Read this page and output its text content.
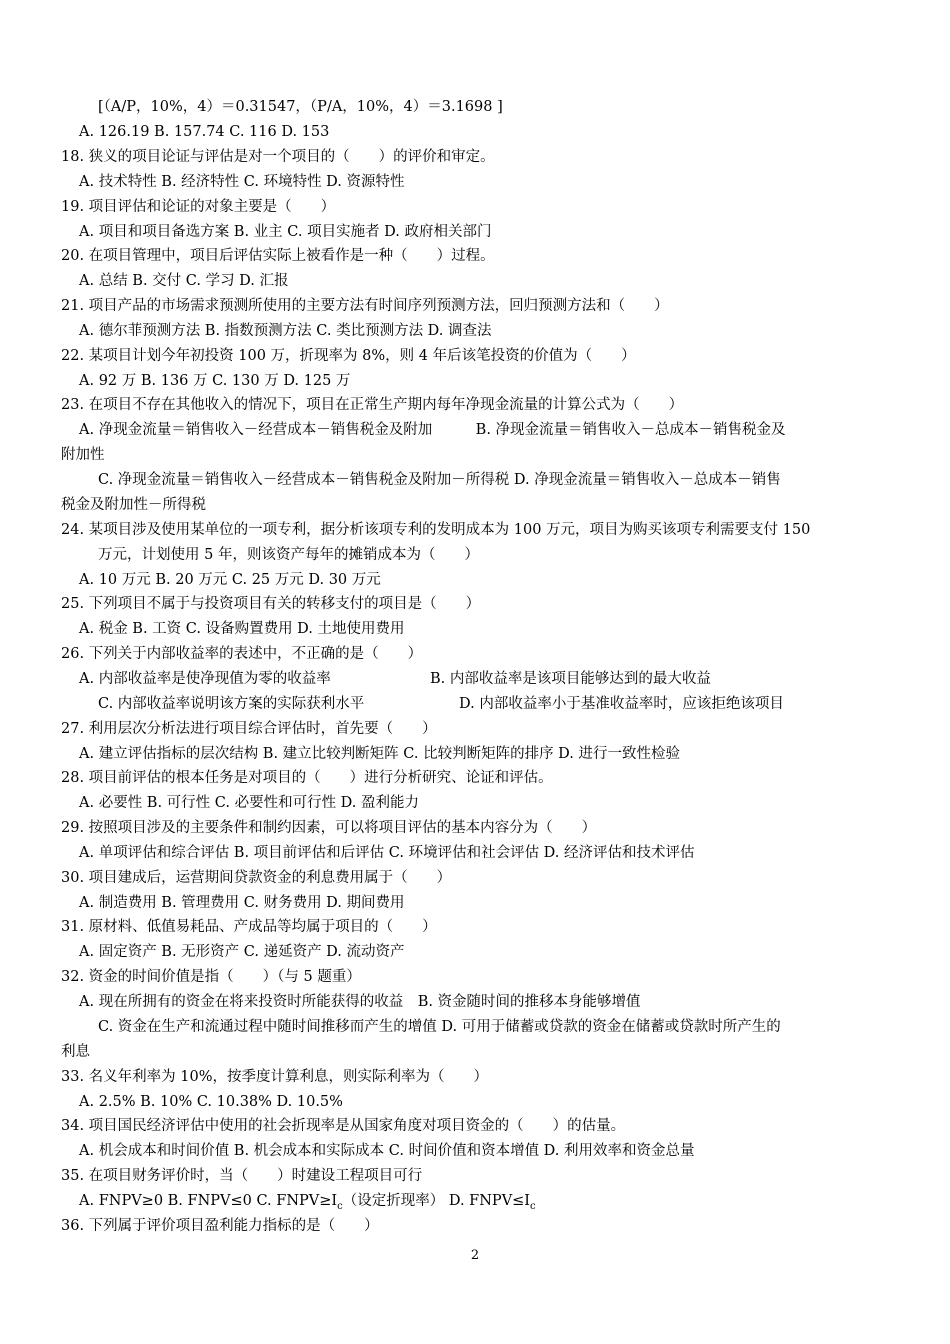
[（A/P，10%，4）＝0.31547，（P/A，10%，4）＝3.1698 ]
A. 126.19 B. 157.74 C. 116 D. 153
18. 狭义的项目论证与评估是对一个项目的（　　）的评价和审定。
A. 技术特性 B. 经济特性 C. 环境特性 D. 资源特性
19. 项目评估和论证的对象主要是（　　）
A. 项目和项目备选方案 B. 业主 C. 项目实施者 D. 政府相关部门
20. 在项目管理中，项目后评估实际上被看作是一种（　　）过程。
A. 总结 B. 交付 C. 学习 D. 汇报
21. 项目产品的市场需求预测所使用的主要方法有时间序列预测方法，回归预测方法和（　　）
A. 德尔菲预测方法 B. 指数预测方法 C. 类比预测方法 D. 调查法
22. 某项目计划今年初投资 100 万，折现率为 8%，则 4 年后该笔投资的价值为（　　）
A. 92 万 B. 136 万 C. 130 万 D. 125 万
23. 在项目不存在其他收入的情况下，项目在正常生产期内每年净现金流量的计算公式为（　　）
A. 净现金流量＝销售收入－经营成本－销售税金及附加　　　B. 净现金流量＝销售收入－总成本－销售税金及
附加性
C. 净现金流量＝销售收入－经营成本－销售税金及附加－所得税 D. 净现金流量＝销售收入－总成本－销售
税金及附加性－所得税
24. 某项目涉及使用某单位的一项专利，据分析该项专利的发明成本为 100 万元，项目为购买该项专利需要支付 150
万元，计划使用 5 年，则该资产每年的摊销成本为（　　）
A. 10 万元 B. 20 万元 C. 25 万元 D. 30 万元
25. 下列项目不属于与投资项目有关的转移支付的项目是（　　）
A. 税金 B. 工资 C. 设备购置费用 D. 土地使用费用
26. 下列关于内部收益率的表述中，不正确的是（　　）
A. 内部收益率是使净现值为零的收益率	B. 内部收益率是该项目能够达到的最大收益
C. 内部收益率说明该方案的实际获利水平	D. 内部收益率小于基准收益率时，应该拒绝该项目
27. 利用层次分析法进行项目综合评估时，首先要（　　）
A. 建立评估指标的层次结构 B. 建立比较判断矩阵 C. 比较判断矩阵的排序 D. 进行一致性检验
28. 项目前评估的根本任务是对项目的（　　）进行分析研究、论证和评估。
A. 必要性 B. 可行性 C. 必要性和可行性 D. 盈利能力
29. 按照项目涉及的主要条件和制约因素，可以将项目评估的基本内容分为（　　）
A. 单项评估和综合评估 B. 项目前评估和后评估 C. 环境评估和社会评估 D. 经济评估和技术评估
30. 项目建成后，运营期间贷款资金的利息费用属于（　　）
A. 制造费用 B. 管理费用 C. 财务费用 D. 期间费用
31. 原材料、低值易耗品、产成品等均属于项目的（　　）
A. 固定资产 B. 无形资产 C. 递延资产 D. 流动资产
32. 资金的时间价值是指（　　）（与 5 题重）
A. 现在所拥有的资金在将来投资时所能获得的收益　B. 资金随时间的推移本身能够增值
C. 资金在生产和流通过程中随时间推移而产生的增值 D. 可用于储蓄或贷款的资金在储蓄或贷款时所产生的
利息
33. 名义年利率为 10%，按季度计算利息，则实际利率为（　　）
A. 2.5% B. 10% C. 10.38% D. 10.5%
34. 项目国民经济评估中使用的社会折现率是从国家角度对项目资金的（　　）的估量。
A. 机会成本和时间价值 B. 机会成本和实际成本 C. 时间价值和资本增值 D. 利用效率和资金总量
35. 在项目财务评价时，当（　　）时建设工程项目可行
A. FNPV≥0 B. FNPV≤0 C. $FNPV\ge I_c$（设定折现率） D. $FNPV\le I_c$
36. 下列属于评价项目盈利能力指标的是（　　）
2
